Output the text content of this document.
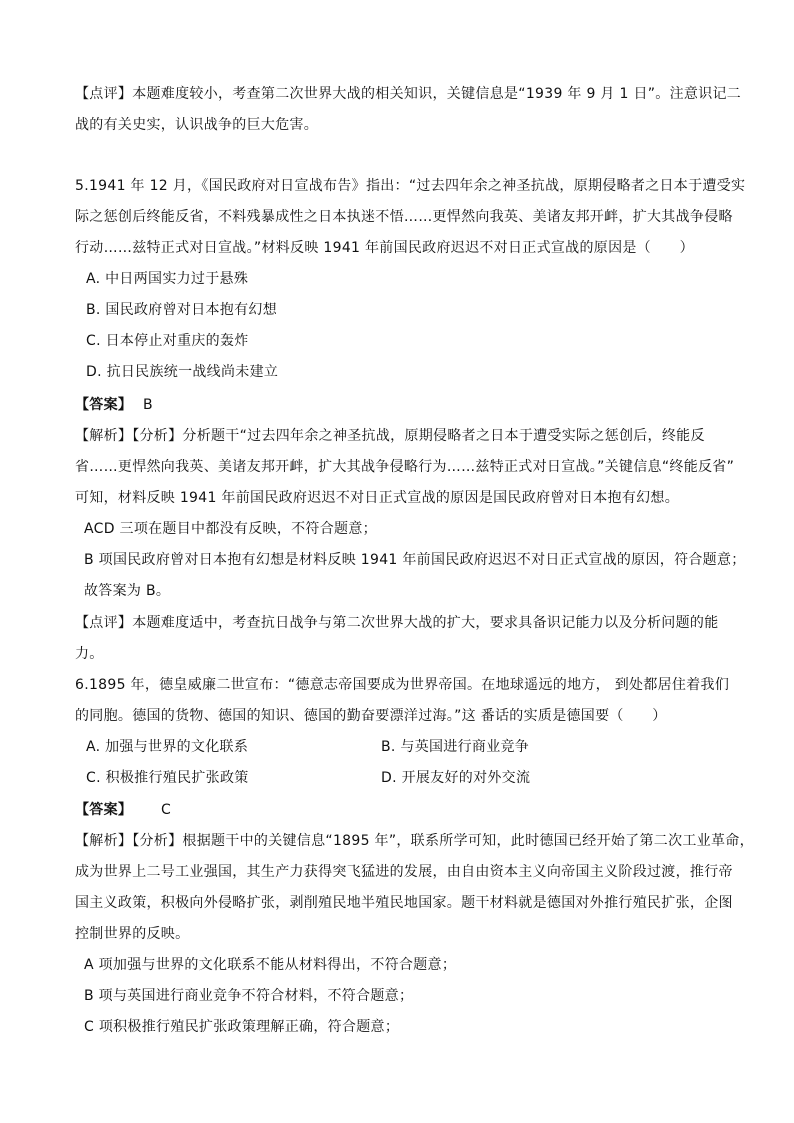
【点评】本题难度较小，考查第二次世界大战的相关知识，关键信息是“1939 年 9 月 1 日”。注意识记二
战的有关史实，认识战争的巨大危害。
5.1941 年 12 月，《国民政府对日宣战布告》指出：“过去四年余之神圣抗战，原期侵略者之日本于遭受实
际之惩创后终能反省，不料残暴成性之日本执迷不悟……更悍然向我英、美诸友邦开衅，扩大其战争侵略
行动……兹特正式对日宣战。”材料反映 1941 年前国民政府迟迟不对日正式宣战的原因是（　　）
A. 中日两国实力过于悬殊
B. 国民政府曾对日本抱有幻想
C. 日本停止对重庆的轰炸
D. 抗日民族统一战线尚未建立
【答案】 B
【解析】【分析】分析题干“过去四年余之神圣抗战，原期侵略者之日本于遭受实际之惩创后，终能反
省……更悍然向我英、美诸友邦开衅，扩大其战争侵略行为……兹特正式对日宣战。”关键信息“终能反省”
可知，材料反映 1941 年前国民政府迟迟不对日正式宣战的原因是国民政府曾对日本抱有幻想。
ACD 三项在题目中都没有反映，不符合题意；
B 项国民政府曾对日本抱有幻想是材料反映 1941 年前国民政府迟迟不对日正式宣战的原因，符合题意；
故答案为 B。
【点评】本题难度适中，考查抗日战争与第二次世界大战的扩大，要求具备识记能力以及分析问题的能
力。
6.1895 年，德皇威廉二世宣布：“德意志帝国要成为世界帝国。在地球遥远的地方， 到处都居住着我们
的同胞。德国的货物、德国的知识、德国的勤奋要漂洋过海。”这 番话的实质是德国要（　　）
A. 加强与世界的文化联系	B. 与英国进行商业竞争
C. 积极推行殖民扩张政策	D. 开展友好的对外交流
【答案】 C
【解析】【分析】根据题干中的关键信息“1895 年”，联系所学可知，此时德国已经开始了第二次工业革命，
成为世界上二号工业强国，其生产力获得突飞猛进的发展，由自由资本主义向帝国主义阶段过渡，推行帝
国主义政策，积极向外侵略扩张，剥削殖民地半殖民地国家。题干材料就是德国对外推行殖民扩张，企图
控制世界的反映。
A 项加强与世界的文化联系不能从材料得出，不符合题意；
B 项与英国进行商业竞争不符合材料，不符合题意；
C 项积极推行殖民扩张政策理解正确，符合题意；
